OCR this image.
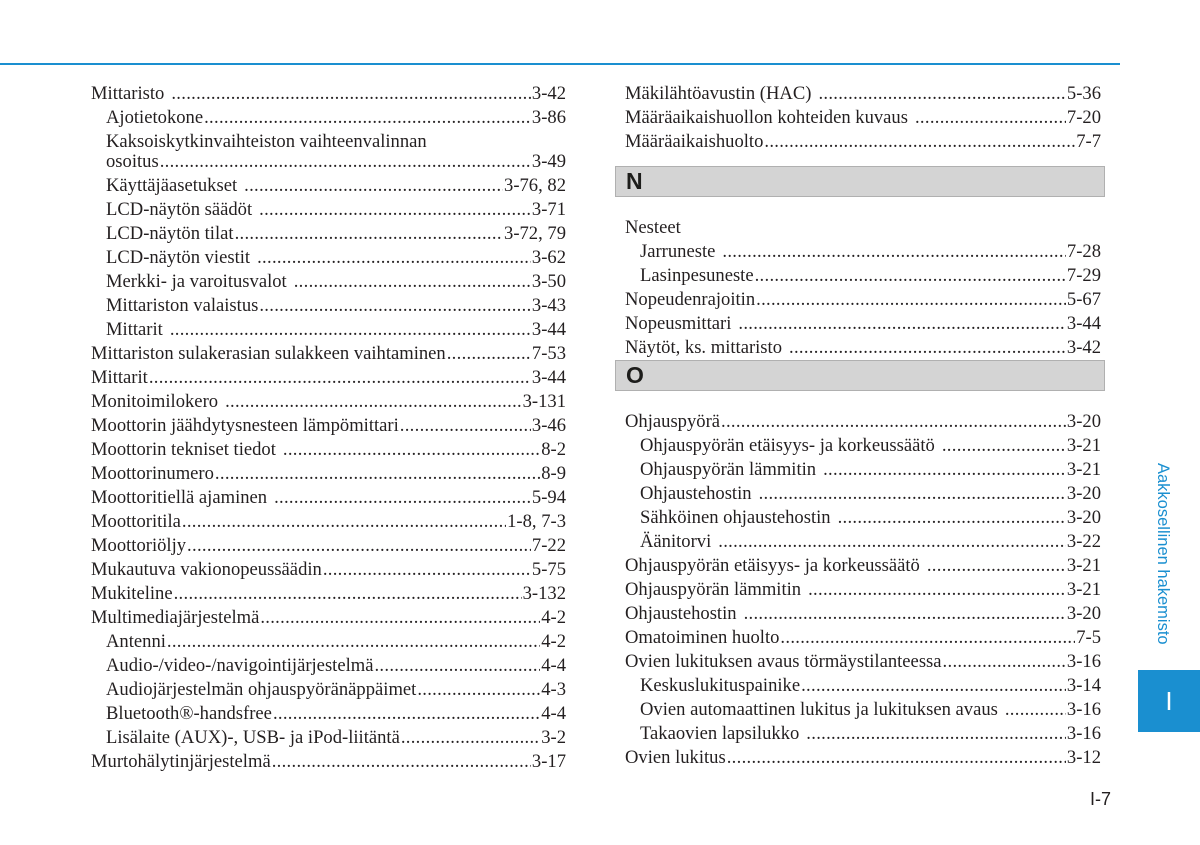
Mittaristo .....	3-42
Ajotietokone .....	3-86
Kaksoiskytkinvaihteiston vaihteenvalinnan
osoitus .....	3-49
Käyttäjäasetukset .....	3-76, 82
LCD-näytön säädöt .....	3-71
LCD-näytön tilat .....	3-72, 79
LCD-näytön viestit .....	3-62
Merkki- ja varoitusvalot .....	3-50
Mittariston valaistus .....	3-43
Mittarit .....	3-44
Mittariston sulakerasian sulakkeen vaihtaminen .....	7-53
Mittarit .....	3-44
Monitoimilokero .....	3-131
Moottorin jäähdytysnesteen lämpömittari .....	3-46
Moottorin tekniset tiedot .....	8-2
Moottorinumero .....	8-9
Moottoritiellä ajaminen .....	5-94
Moottoritila .....	1-8, 7-3
Moottoriöljy .....	7-22
Mukautuva vakionopeussäädin .....	5-75
Mukiteline .....	3-132
Multimediajärjestelmä .....	4-2
Antenni .....	4-2
Audio-/video-/navigointijärjestelmä .....	4-4
Audiojärjestelmän ohjauspyöränäppäimet .....	4-3
Bluetooth®-handsfree .....	4-4
Lisälaite (AUX)-, USB- ja iPod-liitäntä .....	3-2
Murtohälytinjärjestelmä .....	3-17
Mäkilähtöavustin (HAC) .....	5-36
Määräaikaishuollon kohteiden kuvaus .....	7-20
Määräaikaishuolto .....	7-7
N
Nesteet
Jarruneste .....	7-28
Lasinpesuneste .....	7-29
Nopeudenrajoitin .....	5-67
Nopeusmittari .....	3-44
Näytöt, ks. mittaristo .....	3-42
O
Ohjauspyörä .....	3-20
Ohjauspyörän etäisyys- ja korkeussäätö .....	3-21
Ohjauspyörän lämmitin .....	3-21
Ohjaustehostin .....	3-20
Sähköinen ohjaustehostin .....	3-20
Äänitorvi .....	3-22
Ohjauspyörän etäisyys- ja korkeussäätö .....	3-21
Ohjauspyörän lämmitin .....	3-21
Ohjaustehostin .....	3-20
Omatoiminen huolto .....	7-5
Ovien lukituksen avaus törmäystilanteessa .....	3-16
Keskuslukituspainike .....	3-14
Ovien automaattinen lukitus ja lukituksen avaus .....	3-16
Takaovien lapsilukko .....	3-16
Ovien lukitus .....	3-12
Aakkosellinen hakemisto
I
I-7
